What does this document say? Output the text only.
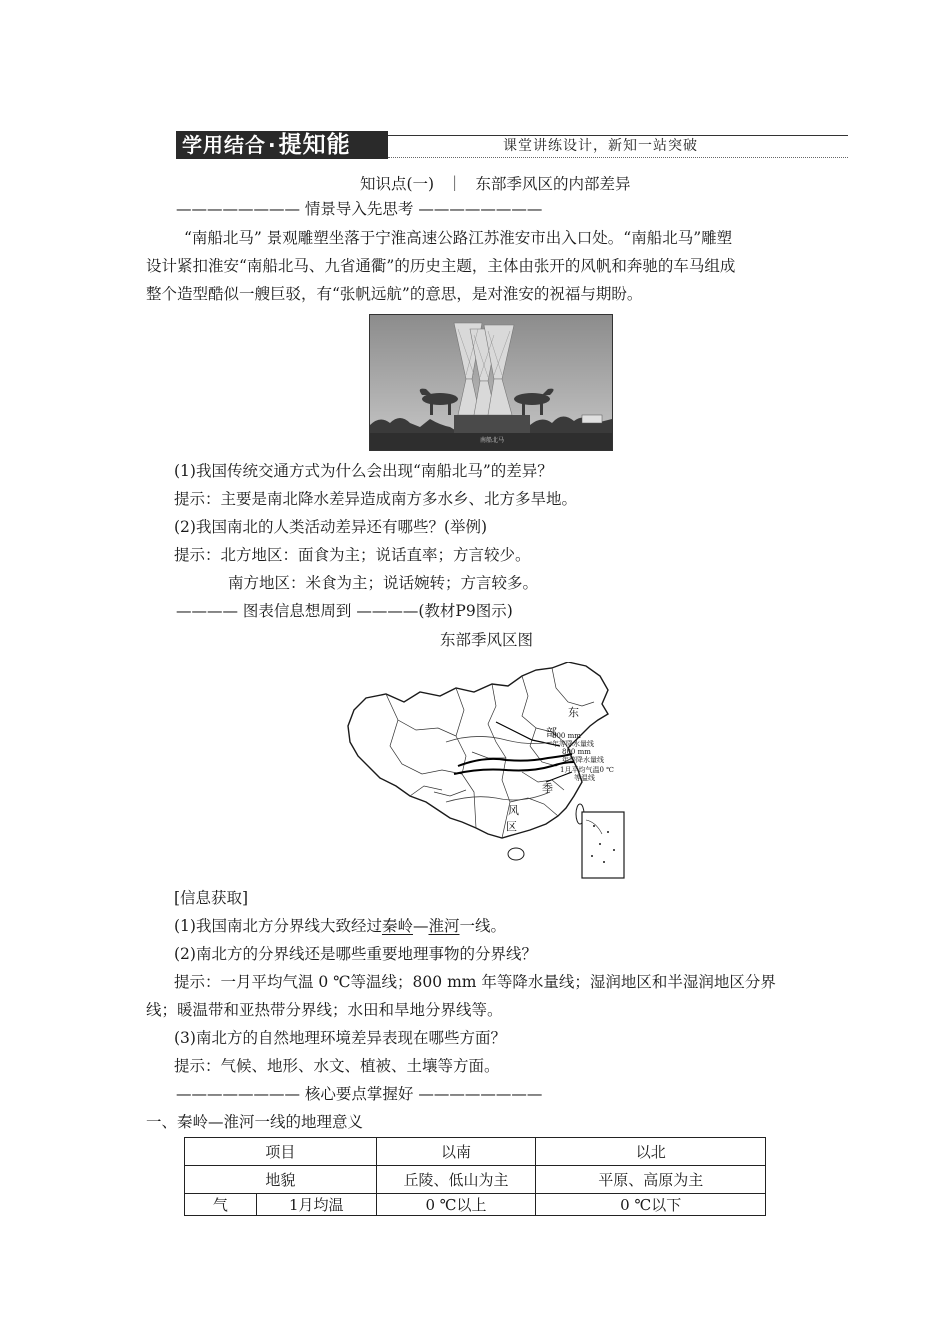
学用结合 ·提知能	课堂讲练设计，新知一站突破
知识点(一) ｜ 东部季风区的内部差异
———————— 情景导入先思考 ————————
“南船北马” 景观雕塑坐落于宁淮高速公路江苏淮安市出入口处。“南船北马”雕塑
设计紧扣淮安“南船北马、九省通衢”的历史主题，主体由张开的风帆和奔驰的车马组成
整个造型酷似一艘巨驳，有“张帆远航”的意思，是对淮安的祝福与期盼。
南船北马
(1)我国传统交通方式为什么会出现“南船北马”的差异？
提示：主要是南北降水差异造成南方多水乡、北方多旱地。
(2)我国南北的人类活动差异还有哪些？(举例)
提示：北方地区：面食为主；说话直率；方言较少。
南方地区：米食为主；说话婉转；方言较多。
———— 图表信息想周到 ————(教材P9图示)
东部季风区图
东
部
季
风
区
800 mm
年等降水量线
800 mm
年等降水量线
1月平均气温0 ℃
等温线
[信息获取]
(1)我国南北方分界线大致经过秦岭—淮河一线。
(2)南北方的分界线还是哪些重要地理事物的分界线？
提示：一月平均气温 0 ℃等温线；800 mm 年等降水量线；湿润地区和半湿润地区分界
线；暖温带和亚热带分界线；水田和旱地分界线等。
(3)南北方的自然地理环境差异表现在哪些方面？
提示：气候、地形、水文、植被、土壤等方面。
———————— 核心要点掌握好 ————————
一、秦岭—淮河一线的地理意义
项目		以南	以北
地貌		丘陵、低山为主	平原、高原为主
气	1月均温	0 ℃以上	0 ℃以下
